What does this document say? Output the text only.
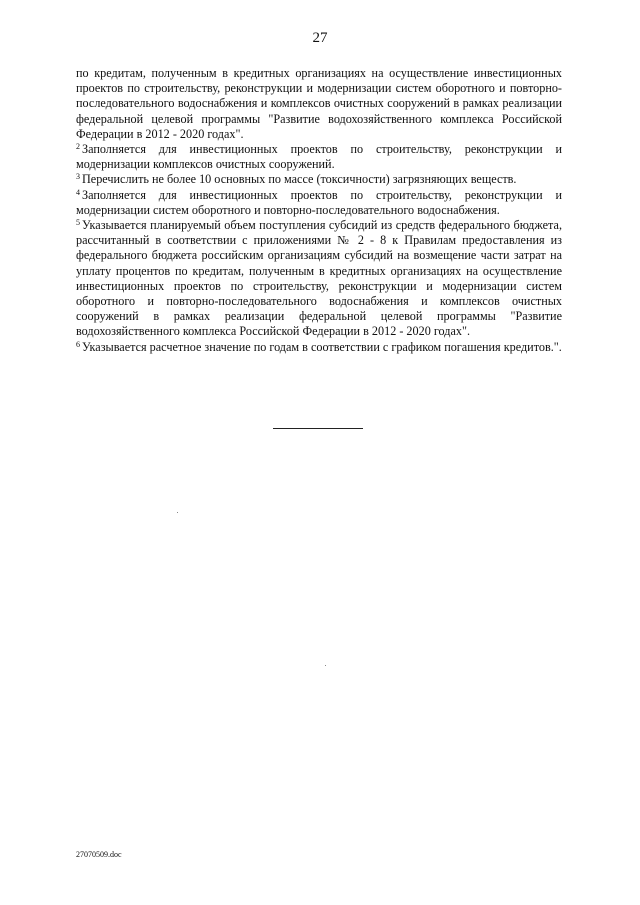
27

по кредитам, полученным в кредитных организациях на осуществление инвестиционных проектов по строительству, реконструкции и модернизации систем оборотного и повторно-последовательного водоснабжения и комплексов очистных сооружений в рамках реализации федеральной целевой программы "Развитие водохозяйственного комплекса Российской Федерации в 2012 - 2020 годах".

$^2$ Заполняется для инвестиционных проектов по строительству, реконструкции и модернизации комплексов очистных сооружений.

$^3$ Перечислить не более 10 основных по массе (токсичности) загрязняющих веществ.

$^4$ Заполняется для инвестиционных проектов по строительству, реконструкции и модернизации систем оборотного и повторно-последовательного водоснабжения.

$^5$ Указывается планируемый объем поступления субсидий из средств федерального бюджета, рассчитанный в соответствии с приложениями № 2 - 8 к Правилам предоставления из федерального бюджета российским организациям субсидий на возмещение части затрат на уплату процентов по кредитам, полученным в кредитных организациях на осуществление инвестиционных проектов по строительству, реконструкции и модернизации систем оборотного и повторно-последовательного водоснабжения и комплексов очистных сооружений в рамках реализации федеральной целевой программы "Развитие водохозяйственного комплекса Российской Федерации в 2012 - 2020 годах".

$^6$ Указывается расчетное значение по годам в соответствии с графиком погашения кредитов.".

27070509.doc
